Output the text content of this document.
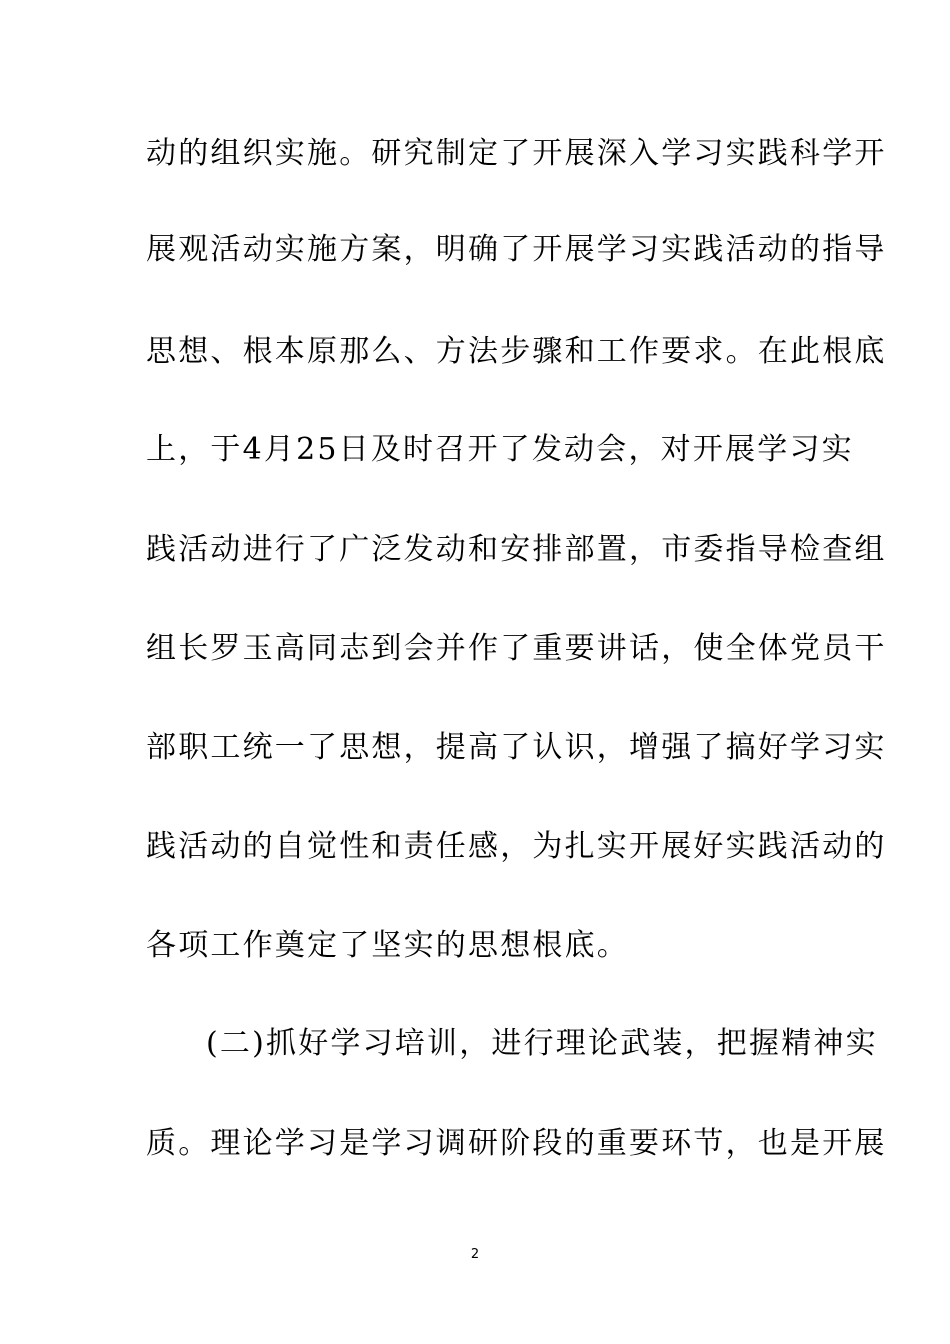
动的组织实施。研究制定了开展深入学习实践科学开
展观活动实施方案，明确了开展学习实践活动的指导
思想、根本原那么、方法步骤和工作要求。在此根底
上，于4月25日及时召开了发动会，对开展学习实
践活动进行了广泛发动和安排部置，市委指导检查组
组长罗玉高同志到会并作了重要讲话，使全体党员干
部职工统一了思想，提高了认识，增强了搞好学习实
践活动的自觉性和责任感，为扎实开展好实践活动的
各项工作奠定了坚实的思想根底。
(二)抓好学习培训，进行理论武装，把握精神实
质。理论学习是学习调研阶段的重要环节，也是开展
2
